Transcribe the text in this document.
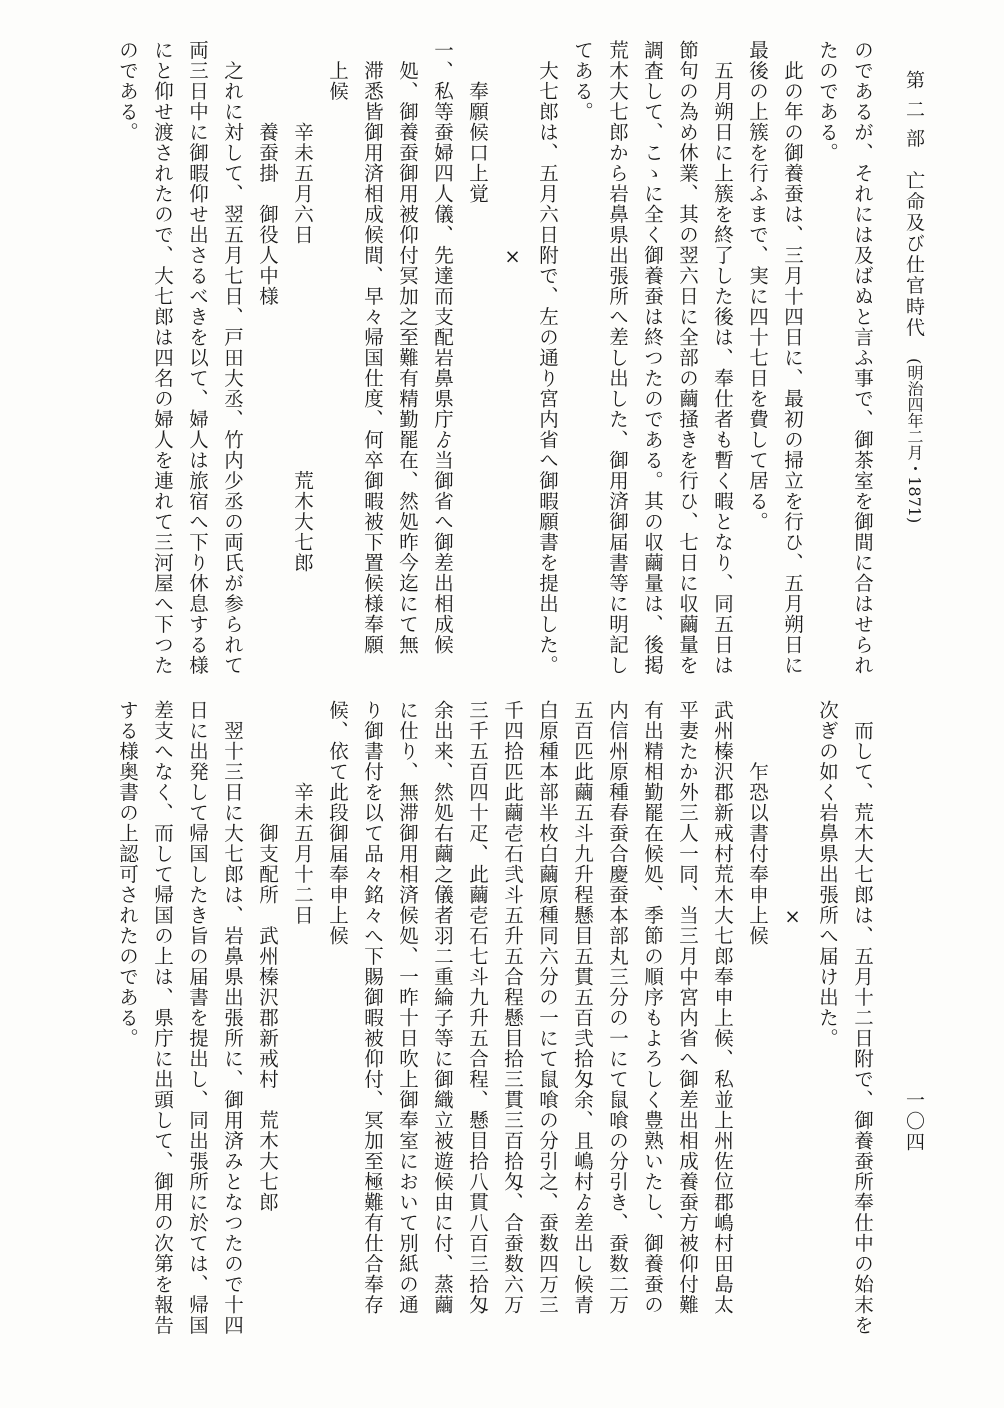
第 二 部　亡命及び仕官時代 (明治四年二月・1871)
一〇四

のであるが、それには及ばぬと言ふ事で、御茶室を御間に合はせられ

たのである。

　此の年の御養蚕は、三月十四日に、最初の掃立を行ひ、五月朔日に

最後の上簇を行ふまで、実に四十七日を費して居る。

　五月朔日に上簇を終了した後は、奉仕者も暫く暇となり、同五日は

節句の為め休業、其の翌六日に全部の繭掻きを行ひ、七日に収繭量を

調査して、こゝに全く御養蚕は終つたのである。其の収繭量は、後掲

荒木大七郎から岩鼻県出張所へ差し出した、御用済御届書等に明記し

てある。

　大七郎は、五月六日附で、左の通り宮内省へ御暇願書を提出した。

　　　　　　　　　　×

　　奉願候口上覚

一、私等蚕婦四人儀、先達而支配岩鼻県庁ゟ当御省へ御差出相成候

　処、御養蚕御用被仰付冥加之至難有精勤罷在、然処昨今迄にて無

　滞悉皆御用済相成候間、早々帰国仕度、何卒御暇被下置候様奉願

　上候

　　　　辛未五月六日　　　　　　　　　　　荒木大七郎

　　　　養蚕掛　御役人中様

　之れに対して、翌五月七日、戸田大丞、竹内少丞の両氏が参られて

両三日中に御暇仰せ出さるべきを以て、婦人は旅宿へ下り休息する様

にと仰せ渡されたので、大七郎は四名の婦人を連れて三河屋へ下つた

のである。

　而して、荒木大七郎は、五月十二日附で、御養蚕所奉仕中の始末を

次ぎの如く岩鼻県出張所へ届け出た。

　　　　　　　　　　×

　　　乍恐以書付奉申上候

武州榛沢郡新戒村荒木大七郎奉申上候、私並上州佐位郡嶋村田島太

平妻たか外三人一同、当三月中宮内省へ御差出相成養蚕方被仰付難

有出精相勤罷在候処、季節の順序もよろしく豊熟いたし、御養蚕の

内信州原種春蚕合慶蚕本部丸三分の一にて鼠喰の分引き、蚕数二万

五百匹此繭五斗九升程懸目五貫五百弐拾匁余、且嶋村ゟ差出し候青

白原種本部半枚白繭原種同六分の一にて鼠喰の分引之、蚕数四万三

千四拾匹此繭壱石弐斗五升五合程懸目拾三貫三百拾匁、合蚕数六万

三千五百四十疋、此繭壱石七斗九升五合程、懸目拾八貫八百三拾匁

余出来、然処右繭之儀者羽二重綸子等に御織立被遊候由に付、蒸繭

に仕り、無滞御用相済候処、一昨十日吹上御奉室において別紙の通

り御書付を以て品々銘々へ下賜御暇被仰付、冥加至極難有仕合奉存

候、依て此段御届奉申上候

　　　　辛未五月十二日

　　　　　　御支配所　武州榛沢郡新戒村　荒木大七郎

　翌十三日に大七郎は、岩鼻県出張所に、御用済みとなつたので十四

日に出発して帰国したき旨の届書を提出し、同出張所に於ては、帰国

差支へなく、而して帰国の上は、県庁に出頭して、御用の次第を報告

する様奥書の上認可されたのである。
